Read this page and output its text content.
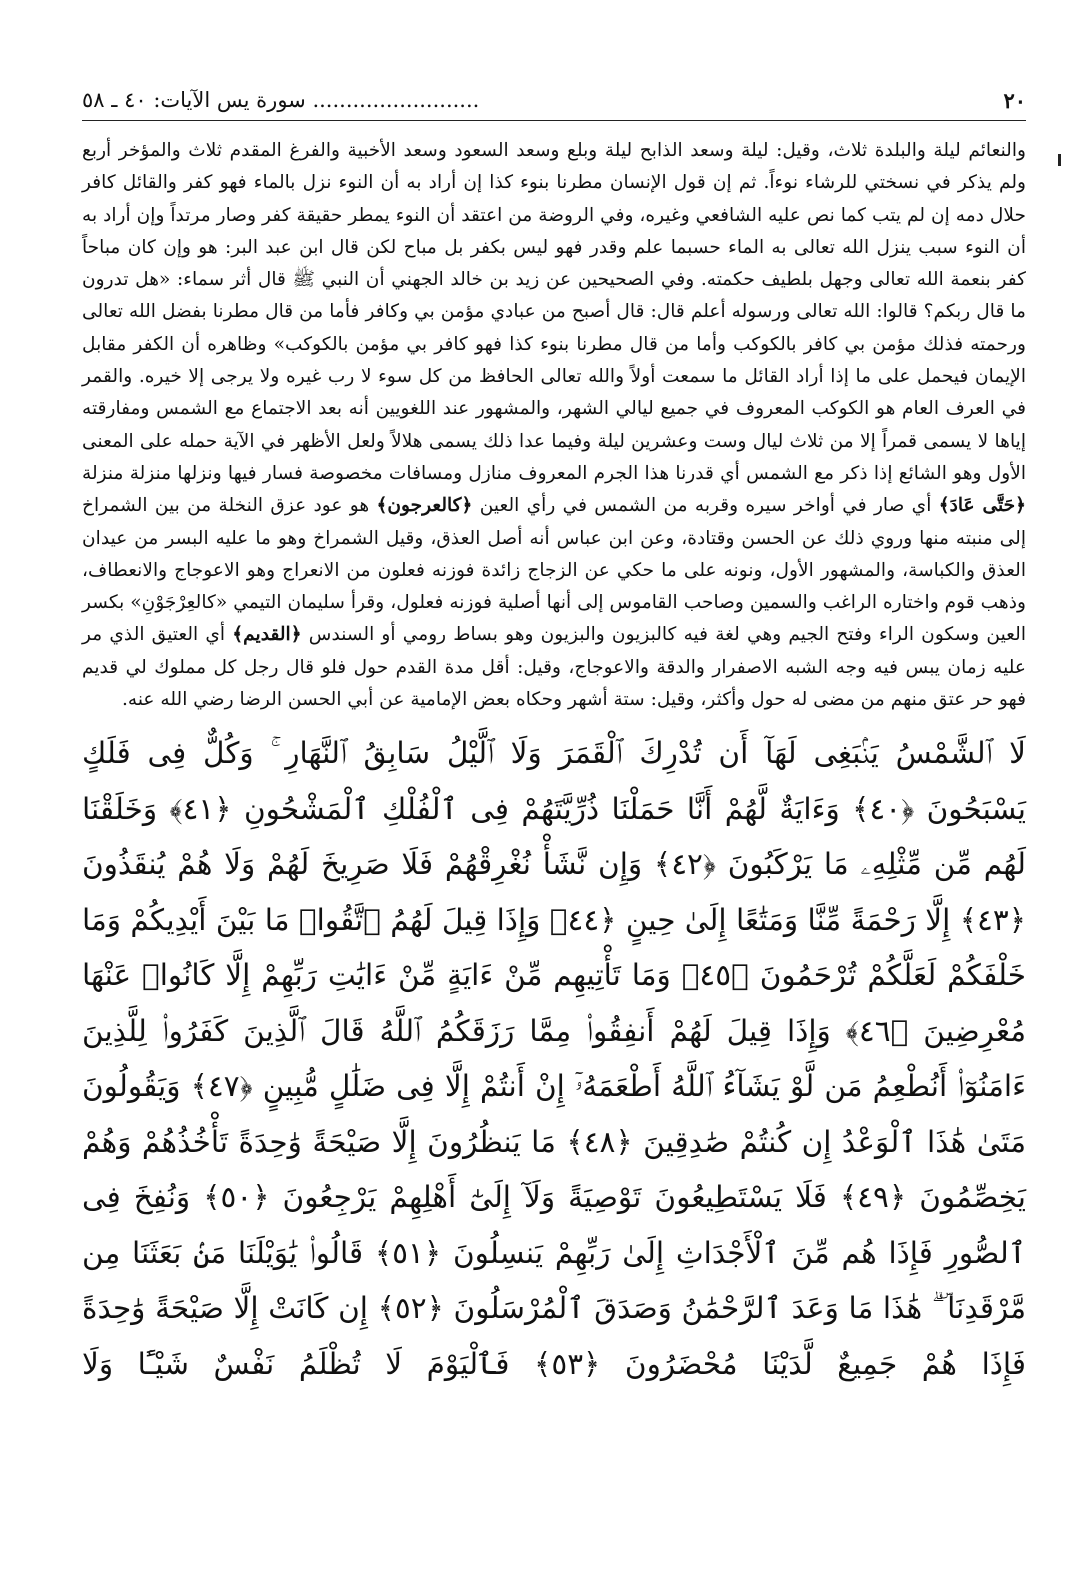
٢٠
......................... سورة يس الآيات: ٤٠ ـ ٥٨

والنعائم ليلة والبلدة ثلاث، وقيل: ليلة وسعد الذابح ليلة وبلع وسعد السعود وسعد الأخبية والفرغ المقدم ثلاث والمؤخر أربع ولم يذكر في نسختي للرشاء نوءاً. ثم إن قول الإنسان مطرنا بنوء كذا إن أراد به أن النوء نزل بالماء فهو كفر والقائل كافر حلال دمه إن لم يتب كما نص عليه الشافعي وغيره، وفي الروضة من اعتقد أن النوء يمطر حقيقة كفر وصار مرتداً وإن أراد به أن النوء سبب ينزل الله تعالى به الماء حسبما علم وقدر فهو ليس بكفر بل مباح لكن قال ابن عبد البر: هو وإن كان مباحاً كفر بنعمة الله تعالى وجهل بلطيف حكمته. وفي الصحيحين عن زيد بن خالد الجهني أن النبي ﷺ قال أثر سماء: «هل تدرون ما قال ربكم؟ قالوا: الله تعالى ورسوله أعلم قال: قال أصبح من عبادي مؤمن بي وكافر فأما من قال مطرنا بفضل الله تعالى ورحمته فذلك مؤمن بي كافر بالكوكب وأما من قال مطرنا بنوء كذا فهو كافر بي مؤمن بالكوكب» وظاهره أن الكفر مقابل الإيمان فيحمل على ما إذا أراد القائل ما سمعت أولاً والله تعالى الحافظ من كل سوء لا رب غيره ولا يرجى إلا خيره. والقمر في العرف العام هو الكوكب المعروف في جميع ليالي الشهر، والمشهور عند اللغويين أنه بعد الاجتماع مع الشمس ومفارقته إياها لا يسمى قمراً إلا من ثلاث ليال وست وعشرين ليلة وفيما عدا ذلك يسمى هلالاً ولعل الأظهر في الآية حمله على المعنى الأول وهو الشائع إذا ذكر مع الشمس أي قدرنا هذا الجرم المعروف منازل ومسافات مخصوصة فسار فيها ونزلها منزلة منزلة ﴿حَتَّى عَادَ﴾ أي صار في أواخر سيره وقربه من الشمس في رأي العين ﴿كالعرجون﴾ هو عود عزق النخلة من بين الشمراخ إلى منبته منها وروي ذلك عن الحسن وقتادة، وعن ابن عباس أنه أصل العذق، وقيل الشمراخ وهو ما عليه البسر من عيدان العذق والكباسة، والمشهور الأول، ونونه على ما حكي عن الزجاج زائدة فوزنه فعلون من الانعراج وهو الاعوجاج والانعطاف، وذهب قوم واختاره الراغب والسمين وصاحب القاموس إلى أنها أصلية فوزنه فعلول، وقرأ سليمان التيمي «كالعِرْجَوْنِ» بكسر العين وسكون الراء وفتح الجيم وهي لغة فيه كالبزيون والبزيون وهو بساط رومي أو السندس ﴿القديم﴾ أي العتيق الذي مر عليه زمان يبس فيه وجه الشبه الاصفرار والدقة والاعوجاج، وقيل: أقل مدة القدم حول فلو قال رجل كل مملوك لي قديم فهو حر عتق منهم من مضى له حول وأكثر، وقيل: ستة أشهر وحكاه بعض الإمامية عن أبي الحسن الرضا رضي الله عنه.

لَا ٱلشَّمْسُ يَنۢبَغِى لَهَآ أَن تُدْرِكَ ٱلْقَمَرَ وَلَا ٱلَّيْلُ سَابِقُ ٱلنَّهَارِ ۚ وَكُلٌّ فِى فَلَكٍ يَسْبَحُونَ ﴿٤٠﴾ وَءَايَةٌ لَّهُمْ أَنَّا حَمَلْنَا ذُرِّيَّتَهُمْ فِى ٱلْفُلْكِ ٱلْمَشْحُونِ ﴿٤١﴾ وَخَلَقْنَا لَهُم مِّن مِّثْلِهِۦ مَا يَرْكَبُونَ ﴿٤٢﴾ وَإِن نَّشَأْ نُغْرِقْهُمْ فَلَا صَرِيخَ لَهُمْ وَلَا هُمْ يُنقَذُونَ ﴿٤٣﴾ إِلَّا رَحْمَةً مِّنَّا وَمَتَٰعًا إِلَىٰ حِينٍ ﴿٤٤﴾ وَإِذَا قِيلَ لَهُمُ ٱتَّقُوا۟ مَا بَيْنَ أَيْدِيكُمْ وَمَا خَلْفَكُمْ لَعَلَّكُمْ تُرْحَمُونَ ﴿٤٥﴾ وَمَا تَأْتِيهِم مِّنْ ءَايَةٍ مِّنْ ءَايَٰتِ رَبِّهِمْ إِلَّا كَانُوا۟ عَنْهَا مُعْرِضِينَ ﴿٤٦﴾ وَإِذَا قِيلَ لَهُمْ أَنفِقُوا۟ مِمَّا رَزَقَكُمُ ٱللَّهُ قَالَ ٱلَّذِينَ كَفَرُوا۟ لِلَّذِينَ ءَامَنُوٓا۟ أَنُطْعِمُ مَن لَّوْ يَشَآءُ ٱللَّهُ أَطْعَمَهُۥٓ إِنْ أَنتُمْ إِلَّا فِى ضَلَٰلٍ مُّبِينٍ ﴿٤٧﴾ وَيَقُولُونَ مَتَىٰ هَٰذَا ٱلْوَعْدُ إِن كُنتُمْ صَٰدِقِينَ ﴿٤٨﴾ مَا يَنظُرُونَ إِلَّا صَيْحَةً وَٰحِدَةً تَأْخُذُهُمْ وَهُمْ يَخِصِّمُونَ ﴿٤٩﴾ فَلَا يَسْتَطِيعُونَ تَوْصِيَةً وَلَآ إِلَىٰٓ أَهْلِهِمْ يَرْجِعُونَ ﴿٥٠﴾ وَنُفِخَ فِى ٱلصُّورِ فَإِذَا هُم مِّنَ ٱلْأَجْدَاثِ إِلَىٰ رَبِّهِمْ يَنسِلُونَ ﴿٥١﴾ قَالُوا۟ يَٰوَيْلَنَا مَنۢ بَعَثَنَا مِن مَّرْقَدِنَا ۜ ۗ هَٰذَا مَا وَعَدَ ٱلرَّحْمَٰنُ وَصَدَقَ ٱلْمُرْسَلُونَ ﴿٥٢﴾ إِن كَانَتْ إِلَّا صَيْحَةً وَٰحِدَةً فَإِذَا هُمْ جَمِيعٌ لَّدَيْنَا مُحْضَرُونَ ﴿٥٣﴾ فَٱلْيَوْمَ لَا تُظْلَمُ نَفْسٌ شَيْـًٔا وَلَا
